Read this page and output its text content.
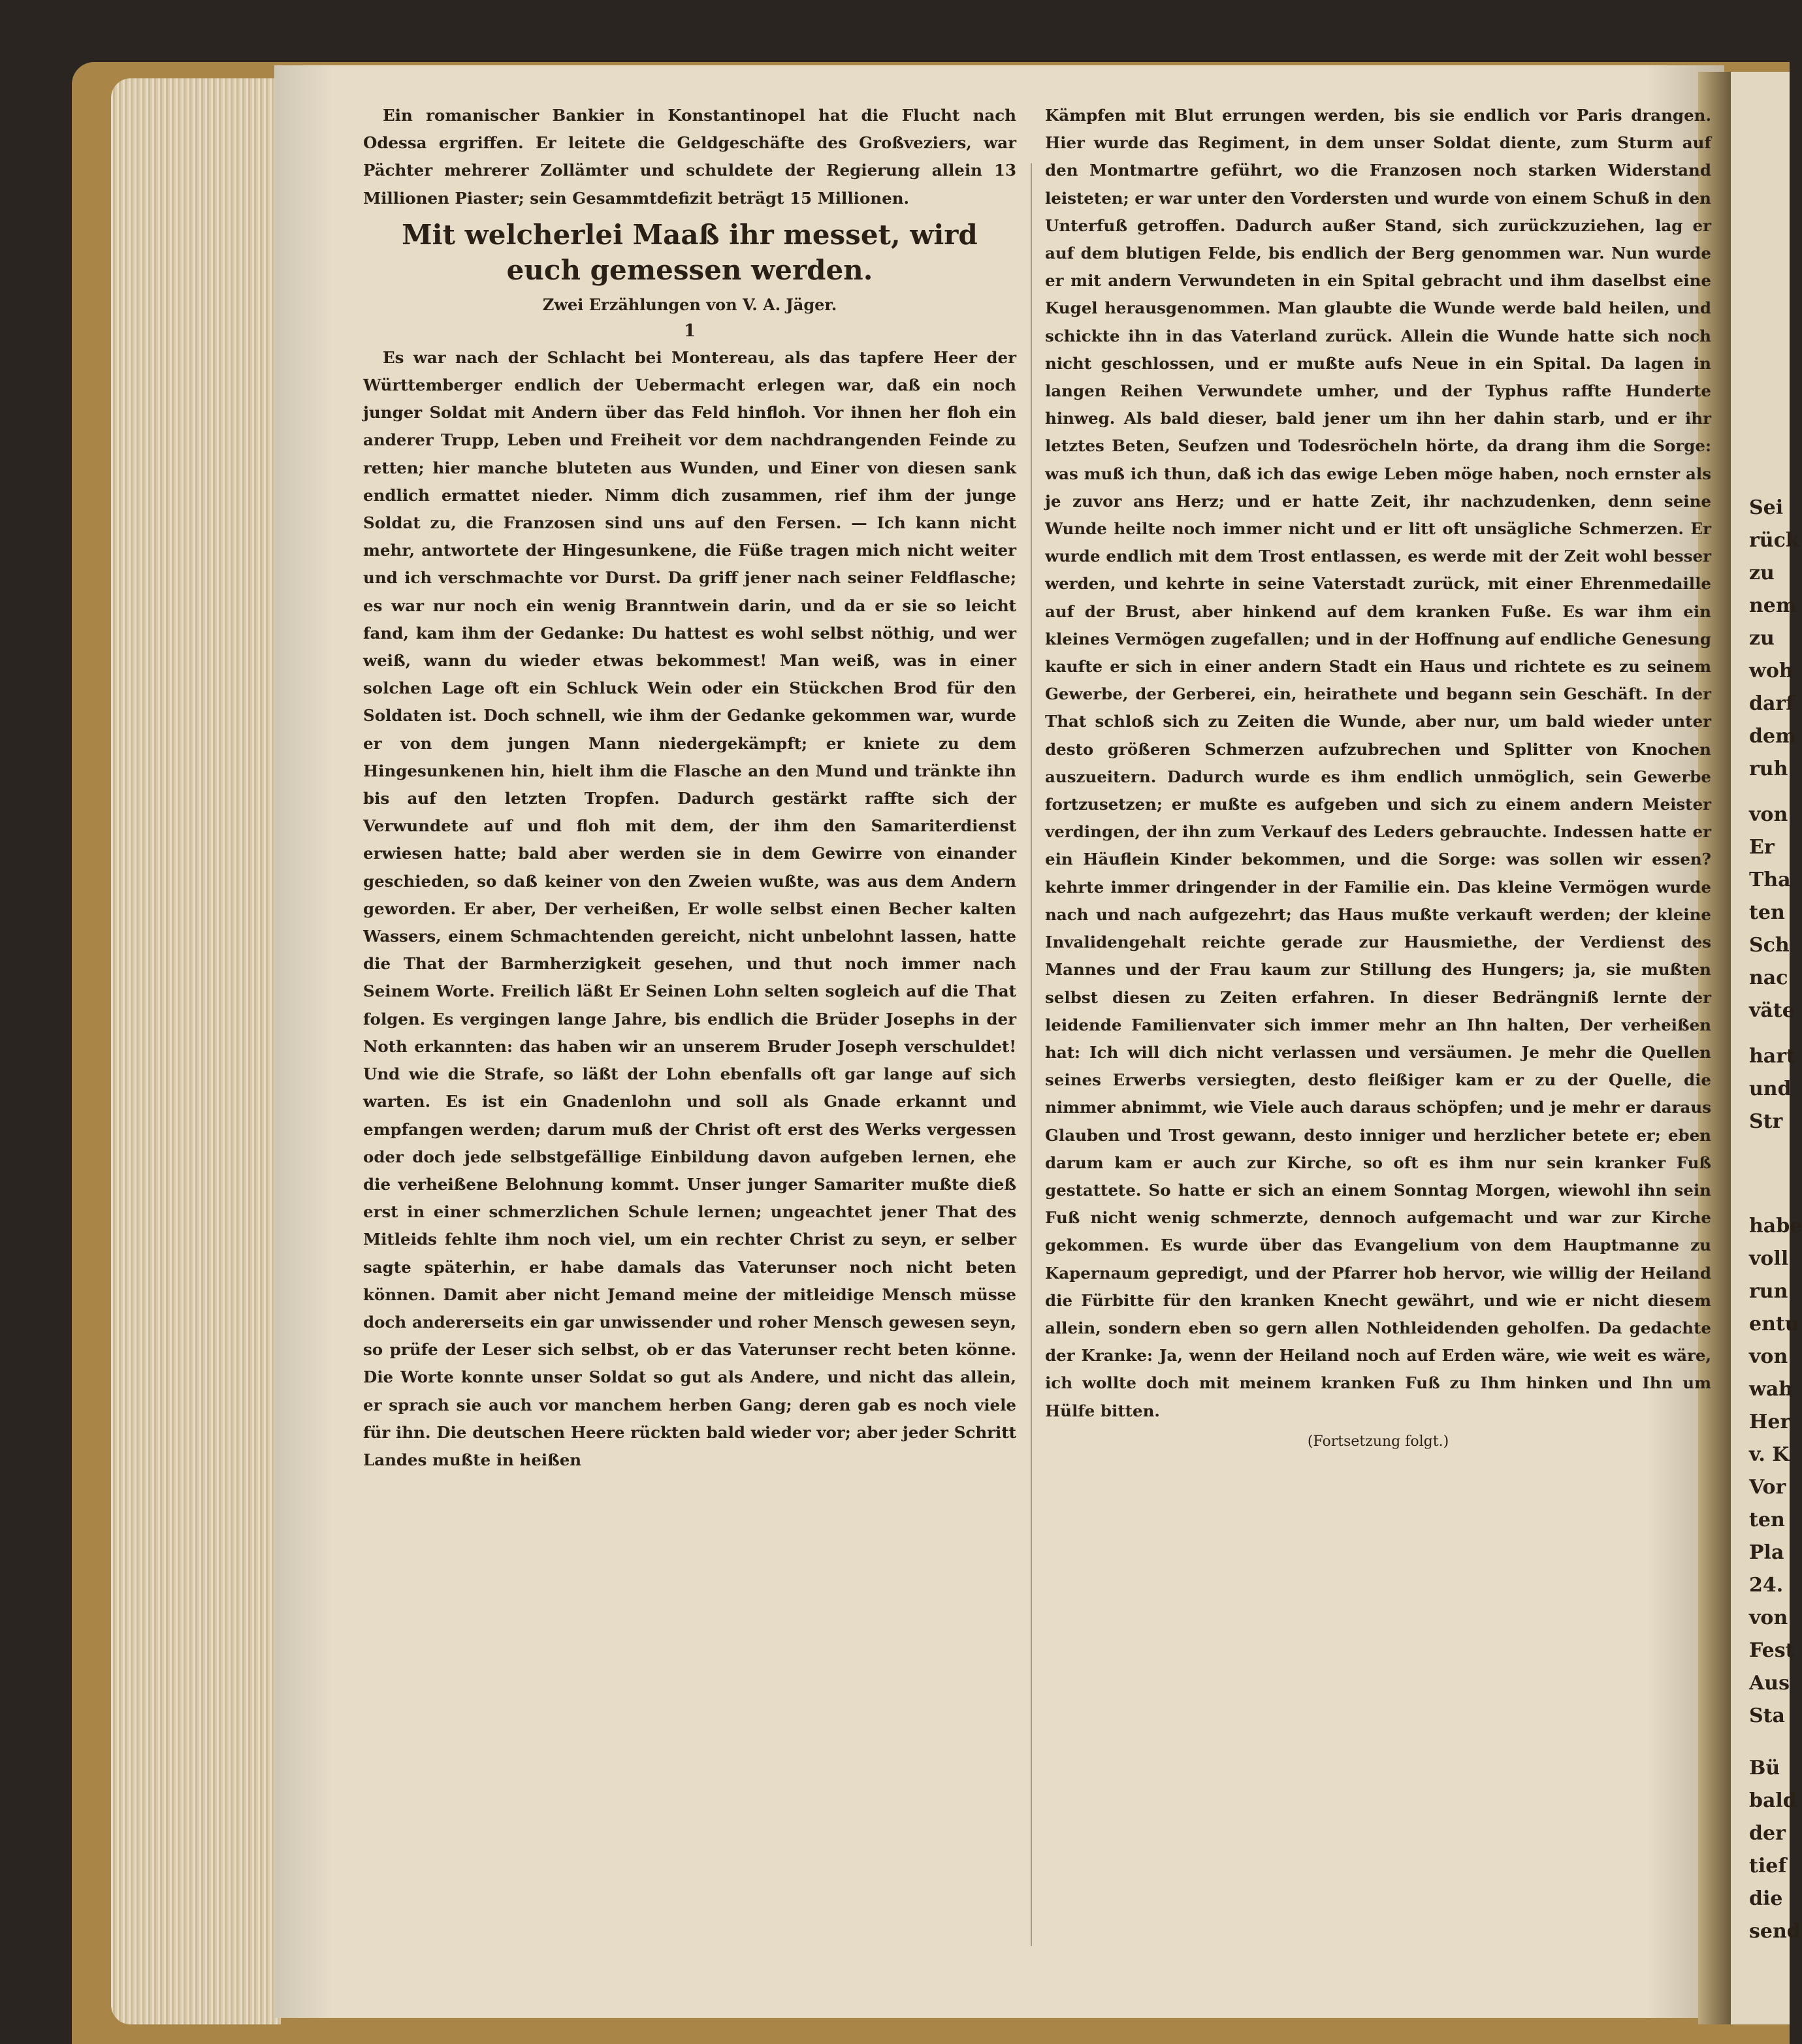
Sei
rück
zu
nem
zu
woh
darf
dem
ruh
von
Er
Tha
ten
Sch
nac
väte
hart
und
Str
habe
voll
run
entu
von
wah
Her
v. K
Vor
ten
Pla
24.
von
Fest
Aus
Sta
Bü
bald
der
tief
die
send

Ein romanischer Bankier in Konstantinopel hat die Flucht nach Odessa ergriffen. Er leitete die Geldgeschäfte des Großveziers, war Pächter mehrerer Zollämter und schuldete der Regierung allein 13 Millionen Piaster; sein Gesammtdefizit beträgt 15 Millionen.

Mit welcherlei Maaß ihr messet, wird euch gemessen werden.

Zwei Erzählungen von V. A. Jäger.

1

Es war nach der Schlacht bei Montereau, als das tapfere Heer der Württemberger endlich der Uebermacht erlegen war, daß ein noch junger Soldat mit Andern über das Feld hinfloh. Vor ihnen her floh ein anderer Trupp, Leben und Freiheit vor dem nachdrangenden Feinde zu retten; hier manche bluteten aus Wunden, und Einer von diesen sank endlich ermattet nieder. Nimm dich zusammen, rief ihm der junge Soldat zu, die Franzosen sind uns auf den Fersen. — Ich kann nicht mehr, antwortete der Hingesunkene, die Füße tragen mich nicht weiter und ich verschmachte vor Durst. Da griff jener nach seiner Feldflasche; es war nur noch ein wenig Branntwein darin, und da er sie so leicht fand, kam ihm der Gedanke: Du hattest es wohl selbst nöthig, und wer weiß, wann du wieder etwas bekommest! Man weiß, was in einer solchen Lage oft ein Schluck Wein oder ein Stückchen Brod für den Soldaten ist. Doch schnell, wie ihm der Gedanke gekommen war, wurde er von dem jungen Mann niedergekämpft; er kniete zu dem Hingesunkenen hin, hielt ihm die Flasche an den Mund und tränkte ihn bis auf den letzten Tropfen. Dadurch gestärkt raffte sich der Verwundete auf und floh mit dem, der ihm den Samariterdienst erwiesen hatte; bald aber werden sie in dem Gewirre von einander geschieden, so daß keiner von den Zweien wußte, was aus dem Andern geworden. Er aber, Der verheißen, Er wolle selbst einen Becher kalten Wassers, einem Schmachtenden gereicht, nicht unbelohnt lassen, hatte die That der Barmherzigkeit gesehen, und thut noch immer nach Seinem Worte. Freilich läßt Er Seinen Lohn selten sogleich auf die That folgen. Es vergingen lange Jahre, bis endlich die Brüder Josephs in der Noth erkannten: das haben wir an unserem Bruder Joseph verschuldet! Und wie die Strafe, so läßt der Lohn ebenfalls oft gar lange auf sich warten. Es ist ein Gnadenlohn und soll als Gnade erkannt und empfangen werden; darum muß der Christ oft erst des Werks vergessen oder doch jede selbstgefällige Einbildung davon aufgeben lernen, ehe die verheißene Belohnung kommt. Unser junger Samariter mußte dieß erst in einer schmerzlichen Schule lernen; ungeachtet jener That des Mitleids fehlte ihm noch viel, um ein rechter Christ zu seyn, er selber sagte späterhin, er habe damals das Vaterunser noch nicht beten können. Damit aber nicht Jemand meine der mitleidige Mensch müsse doch andererseits ein gar unwissender und roher Mensch gewesen seyn, so prüfe der Leser sich selbst, ob er das Vaterunser recht beten könne. Die Worte konnte unser Soldat so gut als Andere, und nicht das allein, er sprach sie auch vor manchem herben Gang; deren gab es noch viele für ihn. Die deutschen Heere rückten bald wieder vor; aber jeder Schritt Landes mußte in heißen

Kämpfen mit Blut errungen werden, bis sie endlich vor Paris drangen. Hier wurde das Regiment, in dem unser Soldat diente, zum Sturm auf den Montmartre geführt, wo die Franzosen noch starken Widerstand leisteten; er war unter den Vordersten und wurde von einem Schuß in den Unterfuß getroffen. Dadurch außer Stand, sich zurückzuziehen, lag er auf dem blutigen Felde, bis endlich der Berg genommen war. Nun wurde er mit andern Verwundeten in ein Spital gebracht und ihm daselbst eine Kugel herausgenommen. Man glaubte die Wunde werde bald heilen, und schickte ihn in das Vaterland zurück. Allein die Wunde hatte sich noch nicht geschlossen, und er mußte aufs Neue in ein Spital. Da lagen in langen Reihen Verwundete umher, und der Typhus raffte Hunderte hinweg. Als bald dieser, bald jener um ihn her dahin starb, und er ihr letztes Beten, Seufzen und Todesröcheln hörte, da drang ihm die Sorge: was muß ich thun, daß ich das ewige Leben möge haben, noch ernster als je zuvor ans Herz; und er hatte Zeit, ihr nachzudenken, denn seine Wunde heilte noch immer nicht und er litt oft unsägliche Schmerzen. Er wurde endlich mit dem Trost entlassen, es werde mit der Zeit wohl besser werden, und kehrte in seine Vaterstadt zurück, mit einer Ehrenmedaille auf der Brust, aber hinkend auf dem kranken Fuße. Es war ihm ein kleines Vermögen zugefallen; und in der Hoffnung auf endliche Genesung kaufte er sich in einer andern Stadt ein Haus und richtete es zu seinem Gewerbe, der Gerberei, ein, heirathete und begann sein Geschäft. In der That schloß sich zu Zeiten die Wunde, aber nur, um bald wieder unter desto größeren Schmerzen aufzubrechen und Splitter von Knochen auszueitern. Dadurch wurde es ihm endlich unmöglich, sein Gewerbe fortzusetzen; er mußte es aufgeben und sich zu einem andern Meister verdingen, der ihn zum Verkauf des Leders gebrauchte. Indessen hatte er ein Häuflein Kinder bekommen, und die Sorge: was sollen wir essen? kehrte immer dringender in der Familie ein. Das kleine Vermögen wurde nach und nach aufgezehrt; das Haus mußte verkauft werden; der kleine Invalidengehalt reichte gerade zur Hausmiethe, der Verdienst des Mannes und der Frau kaum zur Stillung des Hungers; ja, sie mußten selbst diesen zu Zeiten erfahren. In dieser Bedrängniß lernte der leidende Familienvater sich immer mehr an Ihn halten, Der verheißen hat: Ich will dich nicht verlassen und versäumen. Je mehr die Quellen seines Erwerbs versiegten, desto fleißiger kam er zu der Quelle, die nimmer abnimmt, wie Viele auch daraus schöpfen; und je mehr er daraus Glauben und Trost gewann, desto inniger und herzlicher betete er; eben darum kam er auch zur Kirche, so oft es ihm nur sein kranker Fuß gestattete. So hatte er sich an einem Sonntag Morgen, wiewohl ihn sein Fuß nicht wenig schmerzte, dennoch aufgemacht und war zur Kirche gekommen. Es wurde über das Evangelium von dem Hauptmanne zu Kapernaum gepredigt, und der Pfarrer hob hervor, wie willig der Heiland die Fürbitte für den kranken Knecht gewährt, und wie er nicht diesem allein, sondern eben so gern allen Nothleidenden geholfen. Da gedachte der Kranke: Ja, wenn der Heiland noch auf Erden wäre, wie weit es wäre, ich wollte doch mit meinem kranken Fuß zu Ihm hinken und Ihn um Hülfe bitten.

(Fortsetzung folgt.)
